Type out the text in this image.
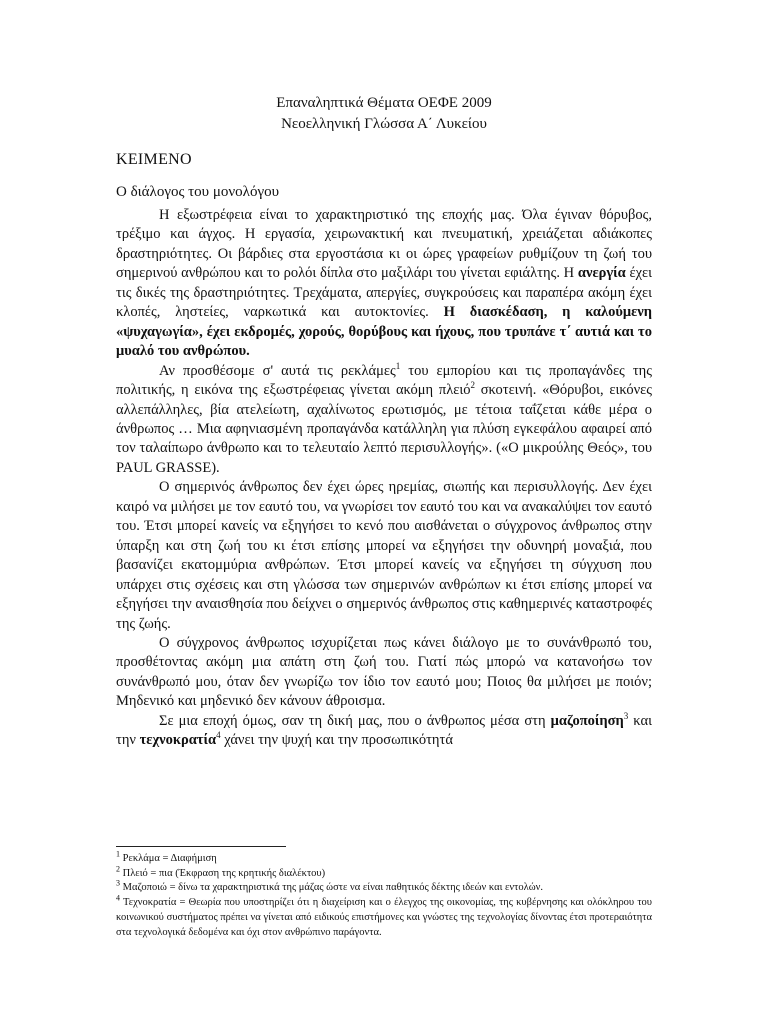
Επαναληπτικά Θέματα ΟΕΦΕ 2009
Νεοελληνική Γλώσσα Α΄ Λυκείου
ΚΕΙΜΕΝΟ
Ο διάλογος του μονολόγου

Η εξωστρέφεια είναι το χαρακτηριστικό της εποχής μας. Όλα έγιναν θόρυβος, τρέξιμο και άγχος. Η εργασία, χειρωνακτική και πνευματική, χρειάζεται αδιάκοπες δραστηριότητες. Οι βάρδιες στα εργοστάσια κι οι ώρες γραφείων ρυθμίζουν τη ζωή του σημερινού ανθρώπου και το ρολόι δίπλα στο μαξιλάρι του γίνεται εφιάλτης. Η ανεργία έχει τις δικές της δραστηριότητες. Τρεχάματα, απεργίες, συγκρούσεις και παραπέρα ακόμη έχει κλοπές, ληστείες, ναρκωτικά και αυτοκτονίες. Η διασκέδαση, η καλούμενη «ψυχαγωγία», έχει εκδρομές, χορούς, θορύβους και ήχους, που τρυπάνε τ΄ αυτιά και το μυαλό του ανθρώπου.

Αν προσθέσομε σ' αυτά τις ρεκλάμες$^1$ του εμπορίου και τις προπαγάνδες της πολιτικής, η εικόνα της εξωστρέφειας γίνεται ακόμη πλειό$^2$ σκοτεινή. «Θόρυβοι, εικόνες αλλεπάλληλες, βία ατελείωτη, αχαλίνωτος ερωτισμός, με τέτοια ταΐζεται κάθε μέρα ο άνθρωπος … Μια αφηνιασμένη προπαγάνδα κατάλληλη για πλύση εγκεφάλου αφαιρεί από τον ταλαίπωρο άνθρωπο και το τελευταίο λεπτό περισυλλογής». («Ο μικρούλης Θεός», του PAUL GRASSE).

Ο σημερινός άνθρωπος δεν έχει ώρες ηρεμίας, σιωπής και περισυλλογής. Δεν έχει καιρό να μιλήσει με τον εαυτό του, να γνωρίσει τον εαυτό του και να ανακαλύψει τον εαυτό του. Έτσι μπορεί κανείς να εξηγήσει το κενό που αισθάνεται ο σύγχρονος άνθρωπος στην ύπαρξη και στη ζωή του κι έτσι επίσης μπορεί να εξηγήσει την οδυνηρή μοναξιά, που βασανίζει εκατομμύρια ανθρώπων. Έτσι μπορεί κανείς να εξηγήσει τη σύγχυση που υπάρχει στις σχέσεις και στη γλώσσα των σημερινών ανθρώπων κι έτσι επίσης μπορεί να εξηγήσει την αναισθησία που δείχνει ο σημερινός άνθρωπος στις καθημερινές καταστροφές της ζωής.

Ο σύγχρονος άνθρωπος ισχυρίζεται πως κάνει διάλογο με το συνάνθρωπό του, προσθέτοντας ακόμη μια απάτη στη ζωή του. Γιατί πώς μπορώ να κατανοήσω τον συνάνθρωπό μου, όταν δεν γνωρίζω τον ίδιο τον εαυτό μου; Ποιος θα μιλήσει με ποιόν; Μηδενικό και μηδενικό δεν κάνουν άθροισμα.

Σε μια εποχή όμως, σαν τη δική μας, που ο άνθρωπος μέσα στη μαζοποίηση$^3$ και την τεχνοκρατία$^4$ χάνει την ψυχή και την προσωπικότητά

$^1$ Ρεκλάμα = Διαφήμιση
$^2$ Πλειό = πια (Έκφραση της κρητικής διαλέκτου)
$^3$ Μαζοποιώ = δίνω τα χαρακτηριστικά της μάζας ώστε να είναι παθητικός δέκτης ιδεών και εντολών.
$^4$ Τεχνοκρατία = Θεωρία που υποστηρίζει ότι η διαχείριση και ο έλεγχος της οικονομίας, της κυβέρνησης και ολόκληρου του κοινωνικού συστήματος πρέπει να γίνεται από ειδικούς επιστήμονες και γνώστες της τεχνολογίας δίνοντας έτσι προτεραιότητα στα τεχνολογικά δεδομένα και όχι στον ανθρώπινο παράγοντα.
